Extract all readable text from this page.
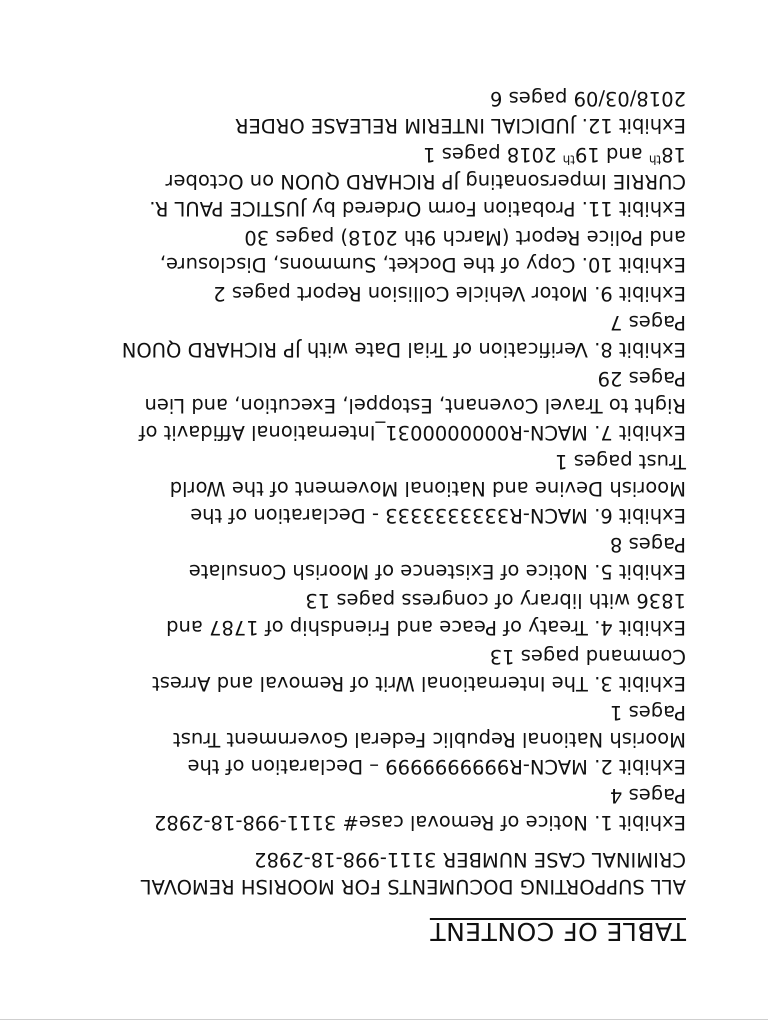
TABLE OF CONTENT
ALL SUPPORTING DOCUMENTS FOR MOORISH REMOVAL
CRIMINAL CASE NUMBER 3111-998-18-2982
Exhibit 1. Notice of Removal case# 3111-998-18-2982
Pages 4
Exhibit 2. MACN-R9999999999 – Declaration of the
Moorish National Republic Federal Government Trust
Pages 1
Exhibit 3. The International Writ of Removal and Arrest
Command pages 13
Exhibit 4. Treaty of Peace and Friendship of 1787 and
1836 with library of congress pages 13
Exhibit 5. Notice of Existence of Moorish Consulate
Pages 8
Exhibit 6. MACN-R3333333333 - Declaration of the
Moorish Devine and National Movement of the World
Trust pages 1
Exhibit 7. MACN-R0000000031_International Affidavit of
Right to Travel Covenant, Estoppel, Execution, and Lien
Pages 29
Exhibit 8. Verification of Trial Date with JP RICHARD QUON
Pages 7
Exhibit 9. Motor Vehicle Collision Report pages 2
Exhibit 10. Copy of the Docket, Summons, Disclosure,
and Police Report (March 9th 2018) pages 30
Exhibit 11. Probation Form Ordered by JUSTICE PAUL R.
CURRIE Impersonating JP RICHARD QUON on October
18th and 19th 2018 pages 1
Exhibit 12. JUDICIAL INTERIM RELEASE ORDER
2018/03/09 pages 6
